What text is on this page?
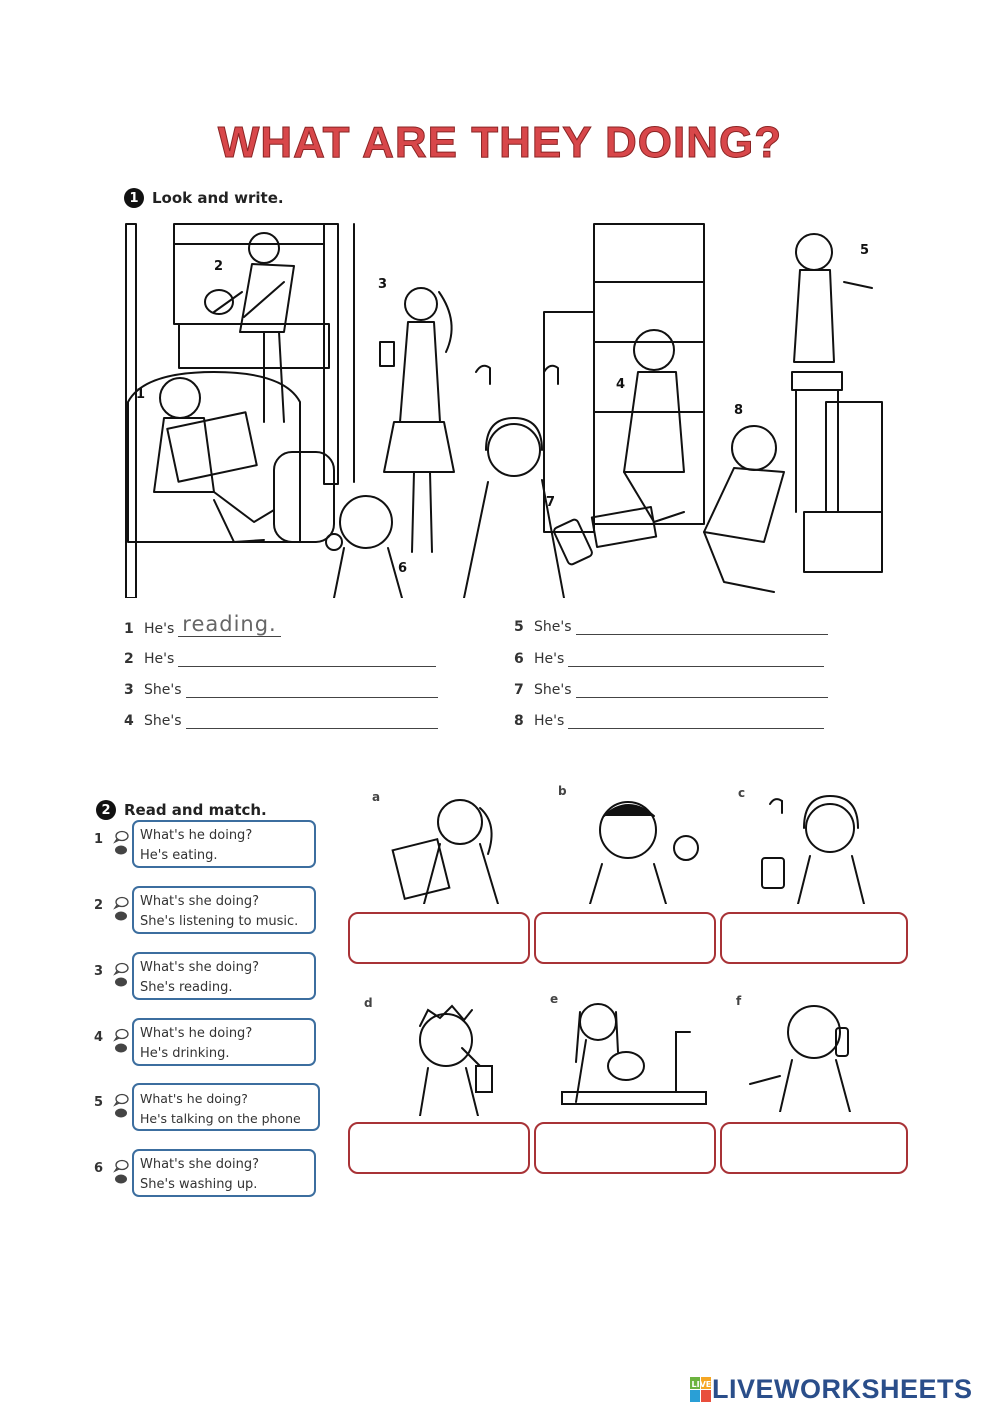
WHAT ARE THEY DOING?
1 Look and write.
1
2
3
4
5
6
7
8
1 He's reading.
2 He's
3 She's
4 She's
5 She's
6 He's
7 She's
8 He's
2 Read and match.
1	What's he doing?
He's eating.
2	What's she doing?
She's listening to music.
3	What's she doing?
She's reading.
4	What's he doing?
He's drinking.
5	What's he doing?
He's talking on the phone
6	What's she doing?
She's washing up.
a	b	c
d	e	f
LIVE LIVEWORKSHEETS
